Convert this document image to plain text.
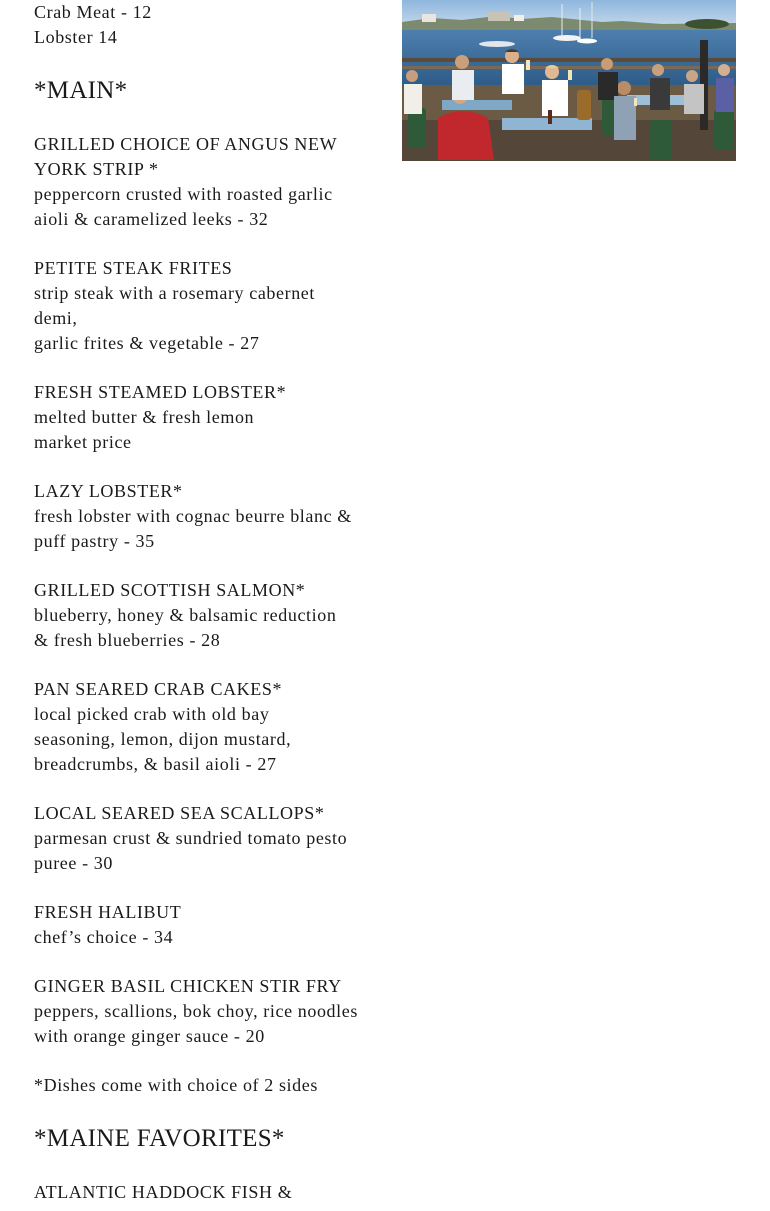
Crab Meat - 12
Lobster 14
*MAIN*
GRILLED CHOICE OF ANGUS NEW
YORK STRIP *
peppercorn crusted with roasted garlic
aioli & caramelized leeks - 32
PETITE STEAK FRITES
strip steak with a rosemary cabernet
demi,
garlic frites & vegetable - 27
FRESH STEAMED LOBSTER*
melted butter & fresh lemon
market price
LAZY LOBSTER*
fresh lobster with cognac beurre blanc &
puff pastry - 35
GRILLED SCOTTISH SALMON*
blueberry, honey & balsamic reduction
& fresh blueberries - 28
PAN SEARED CRAB CAKES*
local picked crab with old bay
seasoning, lemon, dijon mustard,
breadcrumbs, & basil aioli - 27
LOCAL SEARED SEA SCALLOPS*
parmesan crust & sundried tomato pesto
puree - 30
FRESH HALIBUT
chef’s choice - 34
GINGER BASIL CHICKEN STIR FRY
peppers, scallions, bok choy, rice noodles
with orange ginger sauce - 20
*Dishes come with choice of 2 sides
*MAINE FAVORITES*
ATLANTIC HADDOCK FISH &
